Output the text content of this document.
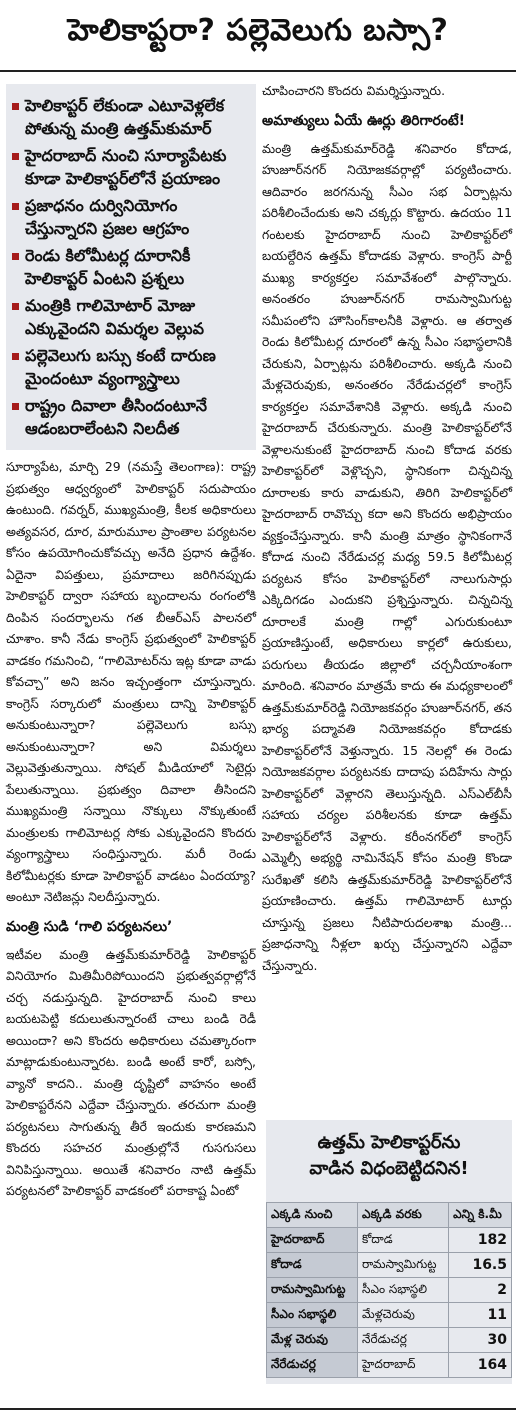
హెలికాప్టరా? పల్లెవెలుగు బస్సా?
హెలికాప్టర్ లేకుండా ఎటూవెళ్లలేక పోతున్న మంత్రి ఉత్తమ్‌కుమార్
హైదరాబాద్ నుంచి సూర్యాపేటకు కూడా హెలికాప్టర్‌లోనే ప్రయాణం
ప్రజాధనం దుర్వినియోగం చేస్తున్నారని ప్రజల ఆగ్రహం
రెండు కిలోమీటర్ల దూరానికీ హెలికాప్టర్ ఏంటని ప్రశ్నలు
మంత్రికి గాలిమోటార్ మోజు ఎక్కువైందని విమర్శల వెల్లువ
పల్లెవెలుగు బస్సు కంటే దారుణ మైందంటూ వ్యంగ్యాస్త్రాలు
రాష్ట్రం దివాలా తీసిందంటూనే ఆడంబరాలేంటని నిలదీత

సూర్యాపేట, మార్చి 29 (నమస్తే తెలంగాణ): రాష్ట్ర ప్రభుత్వం ఆధ్వర్యంలో హెలికాప్టర్ సదుపాయం ఉంటుంది. గవర్నర్, ముఖ్యమంత్రి, కీలక అధికారులు అత్యవసర, దూర, మారుమూల ప్రాంతాల పర్యటనల కోసం ఉపయోగించుకోవచ్చు అనేది ప్రధాన ఉద్దేశం. ఏదైనా విపత్తులు, ప్రమాదాలు జరిగినప్పుడు హెలికాప్టర్ ద్వారా సహాయ బృందాలను రంగంలోకి దింపిన సందర్భాలను గత బీఆర్‌ఎస్ పాలనలో చూశాం. కానీ నేడు కాంగ్రెస్ ప్రభుత్వంలో హెలికాప్టర్ వాడకం గమనించి, “గాలిమోటర్‌ను ఇట్ల కూడా వాడు కోవచ్చా” అని జనం ఇచ్చంత్తంగా చూస్తున్నారు. కాంగ్రెస్ సర్కారులో మంత్రులు దాన్ని హెలికాప్టర్ అనుకుంటున్నారా? పల్లెవెలుగు బస్సు అనుకుంటున్నారా? అని విమర్శలు వెల్లువెత్తుతున్నాయి. సోషల్ మీడియాలో సెటైర్లు పేలుతున్నాయి. ప్రభుత్వం దివాలా తీసిందని ముఖ్యమంత్రి సన్నాయి నొక్కులు నొక్కుతుంటే మంత్రులకు గాలిమోటర్ల సోకు ఎక్కువైందని కొందరు వ్యంగ్యాస్త్రాలు సంధిస్తున్నారు. మరీ రెండు కిలోమీటర్లకు కూడా హెలికాప్టర్ వాడటం ఏందయ్యా? అంటూ నెటిజన్లు నిలదీస్తున్నారు.

మంత్రి సుడి ‘గాలి పర్యటనలు’

ఇటీవల మంత్రి ఉత్తమ్‌కుమార్‌రెడ్డి హెలికాప్టర్ వినియోగం మితిమీరిపోయిందని ప్రభుత్వవర్గాల్లోనే చర్చ నడుస్తున్నది. హైదరాబాద్ నుంచి కాలు బయటపెట్టి కదులుతున్నారంటే చాలు బండి రెడీ అయిందా? అని కొందరు అధికారులు చమత్కారంగా మాట్లాడుకుంటున్నారట. బండి అంటే కారో, బస్సో, వ్యానో కాదని.. మంత్రి దృష్టిలో వాహనం అంటే హెలికాప్టరేనని ఎద్దేవా చేస్తున్నారు. తరచుగా మంత్రి పర్యటనలు సాగుతున్న తీరే ఇందుకు కారణమని కొందరు సహచర మంత్రుల్లోనే గుసగుసలు వినిపిస్తున్నాయి. అయితే శనివారం నాటి ఉత్తమ్ పర్యటనలో హెలికాప్టర్ వాడకంలో పరాకాష్ట ఏంటో

చూపించారని కొందరు విమర్శిస్తున్నారు.

అమాత్యులు ఏయే ఊర్లు తిరిగారంటే!

మంత్రి ఉత్తమ్‌కుమార్‌రెడ్డి శనివారం కోదాడ, హుజూర్‌నగర్ నియోజకవర్గాల్లో పర్యటించారు. ఆదివారం జరగనున్న సీఎం సభ ఏర్పాట్లను పరిశీలించేందుకు అని చక్కర్లు కొట్టారు. ఉదయం 11 గంటలకు హైదరాబాద్ నుంచి హెలికాప్టర్‌లో బయల్దేరిన ఉత్తమ్ కోదాడకు వెళ్లారు. కాంగ్రెస్ పార్టీ ముఖ్య కార్యకర్తల సమావేశంలో పాల్గొన్నారు. అనంతరం హుజూర్‌నగర్ రామస్వామిగుట్ట సమీపంలోని హౌసింగ్‌కాలనీకి వెళ్లారు. ఆ తర్వాత రెండు కిలోమీటర్ల దూరంలో ఉన్న సీఎం సభాస్థలానికి చేరుకుని, ఏర్పాట్లను పరిశీలించారు. అక్కడి నుంచి మేళ్లచెరువుకు, అనంతరం నేరేడుచర్లలో కాంగ్రెస్ కార్యకర్తల సమావేశానికి వెళ్లారు. అక్కడి నుంచి హైదరాబాద్ చేరుకున్నారు. మంత్రి హెలికాప్టర్‌లోనే వెళ్లాలనుకుంటే హైదరాబాద్ నుంచి కోదాడ వరకు హెలికాప్టర్‌లో వెళ్లొచ్చని, స్థానికంగా చిన్నచిన్న దూరాలకు కారు వాడుకుని, తిరిగి హెలికాప్టర్‌లో హైదరాబాద్ రావొచ్చు కదా అని కొందరు అభిప్రాయం వ్యక్తంచేస్తున్నారు. కానీ మంత్రి మాత్రం స్థానికంగానే కోదాడ నుంచి నేరేడుచర్ల మధ్య 59.5 కిలోమీటర్ల పర్యటన కోసం హెలికాప్టర్‌లో నాలుగుసార్లు ఎక్కిదిగడం ఎందుకని ప్రశ్నిస్తున్నారు. చిన్నచిన్న దూరాలకే మంత్రి గాల్లో ఎగురుకుంటూ ప్రయాణిస్తుంటే, అధికారులు కార్లలో ఉరుకులు, పరుగులు తీయడం జిల్లాలో చర్చనీయాంశంగా మారింది. శనివారం మాత్రమే కాదు ఈ మధ్యకాలంలో ఉత్తమ్‌కుమార్‌రెడ్డి నియోజకవర్గం హుజూర్‌నగర్, తన భార్య పద్మావతి నియోజకవర్గం కోదాడకు హెలికాప్టర్‌లోనే వెళ్తున్నారు. 15 నెలల్లో ఈ రెండు నియోజకవర్గాల పర్యటనకు దాదాపు పదిహేను సార్లు హెలికాప్టర్‌లో వెళ్లారని తెలుస్తున్నది. ఎస్‌ఎల్‌బీసీ సహాయ చర్యల పరిశీలనకు కూడా ఉత్తమ్ హెలికాప్టర్‌లోనే వెళ్లారు. కరీంనగర్‌లో కాంగ్రెస్ ఎమ్మెల్సీ అభ్యర్థి నామినేషన్ కోసం మంత్రి కొండా సురేఖతో కలిసి ఉత్తమ్‌కుమార్‌రెడ్డి హెలికాప్టర్‌లోనే ప్రయాణించారు. ఉత్తమ్ గాలిమోటార్ టూర్లు చూస్తున్న ప్రజలు నీటిపారుదలశాఖ మంత్రి... ప్రజాధనాన్ని నీళ్లలా ఖర్చు చేస్తున్నారని ఎద్దేవా చేస్తున్నారు.

ఉత్తమ్ హెలికాప్టర్‌ను
వాడిన విధంబెట్టిదనిన!
ఎక్కడి నుంచి	ఎక్కడి వరకు	ఎన్ని కి.మీ
హైదరాబాద్	కోదాడ	182
కోదాడ	రామస్వామిగుట్ట	16.5
రామస్వామిగుట్ట	సీఎం సభాస్థలి	2
సీఎం సభాస్థలి	మేళ్లచెరువు	11
మేళ్ల చెరువు	నేరేడుచర్ల	30
నేరేడుచర్ల	హైదరాబాద్	164
